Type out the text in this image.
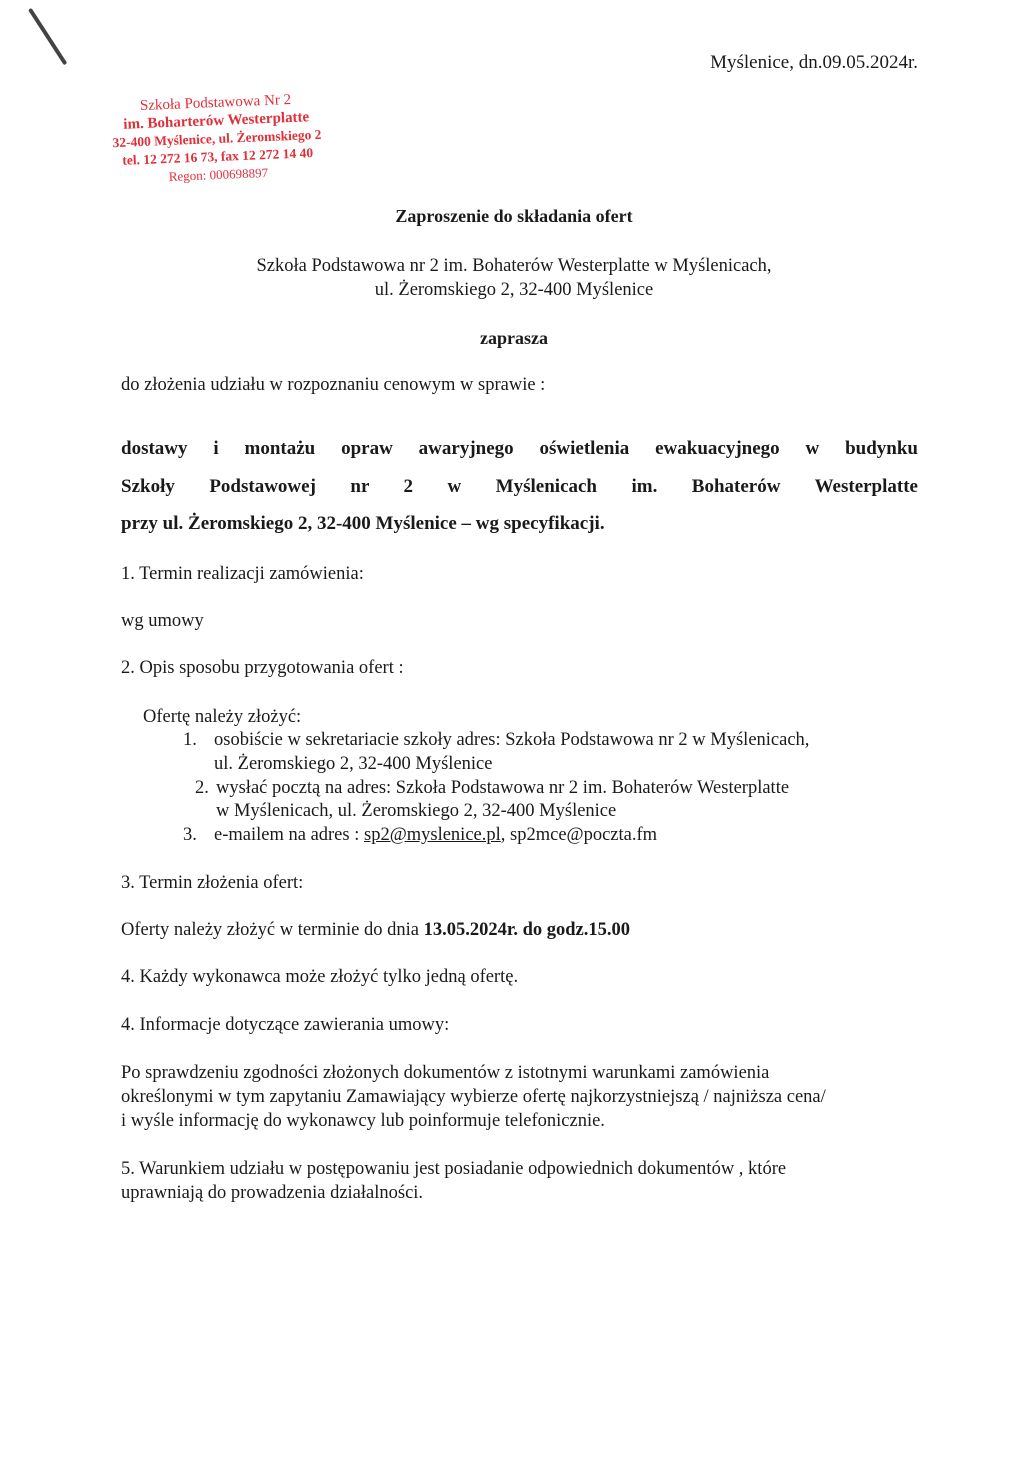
Myślenice, dn.09.05.2024r.
Szkoła Podstawowa Nr 2
im. Boharterów Westerplatte
32-400 Myślenice, ul. Żeromskiego 2
tel. 12 272 16 73, fax 12 272 14 40
Regon: 000698897
Zaproszenie do składania ofert
Szkoła Podstawowa nr 2 im. Bohaterów Westerplatte w Myślenicach,
ul. Żeromskiego 2, 32-400 Myślenice
zaprasza
do złożenia udziału w rozpoznaniu cenowym w sprawie :
dostawy i montażu opraw awaryjnego oświetlenia ewakuacyjnego w budynku
Szkoły Podstawowej nr 2 w Myślenicach im. Bohaterów Westerplatte
przy ul. Żeromskiego 2, 32-400 Myślenice – wg specyfikacji.
1. Termin realizacji zamówienia:
wg umowy
2. Opis sposobu przygotowania ofert :
Ofertę należy złożyć:
1. osobiście w sekretariacie szkoły adres: Szkoła Podstawowa nr 2 w Myślenicach,
ul. Żeromskiego 2, 32-400 Myślenice
2. wysłać pocztą na adres: Szkoła Podstawowa nr 2 im. Bohaterów Westerplatte
w Myślenicach, ul. Żeromskiego 2, 32-400 Myślenice
3. e-mailem na adres : sp2@myslenice.pl, sp2mce@poczta.fm
3. Termin złożenia ofert:
Oferty należy złożyć w terminie do dnia 13.05.2024r. do godz.15.00
4. Każdy wykonawca może złożyć tylko jedną ofertę.
4. Informacje dotyczące zawierania umowy:
Po sprawdzeniu zgodności złożonych dokumentów z istotnymi warunkami zamówienia
określonymi w tym zapytaniu Zamawiający wybierze ofertę najkorzystniejszą / najniższa cena/
i wyśle informację do wykonawcy lub poinformuje telefonicznie.
5. Warunkiem udziału w postępowaniu jest posiadanie odpowiednich dokumentów , które
uprawniają do prowadzenia działalności.
